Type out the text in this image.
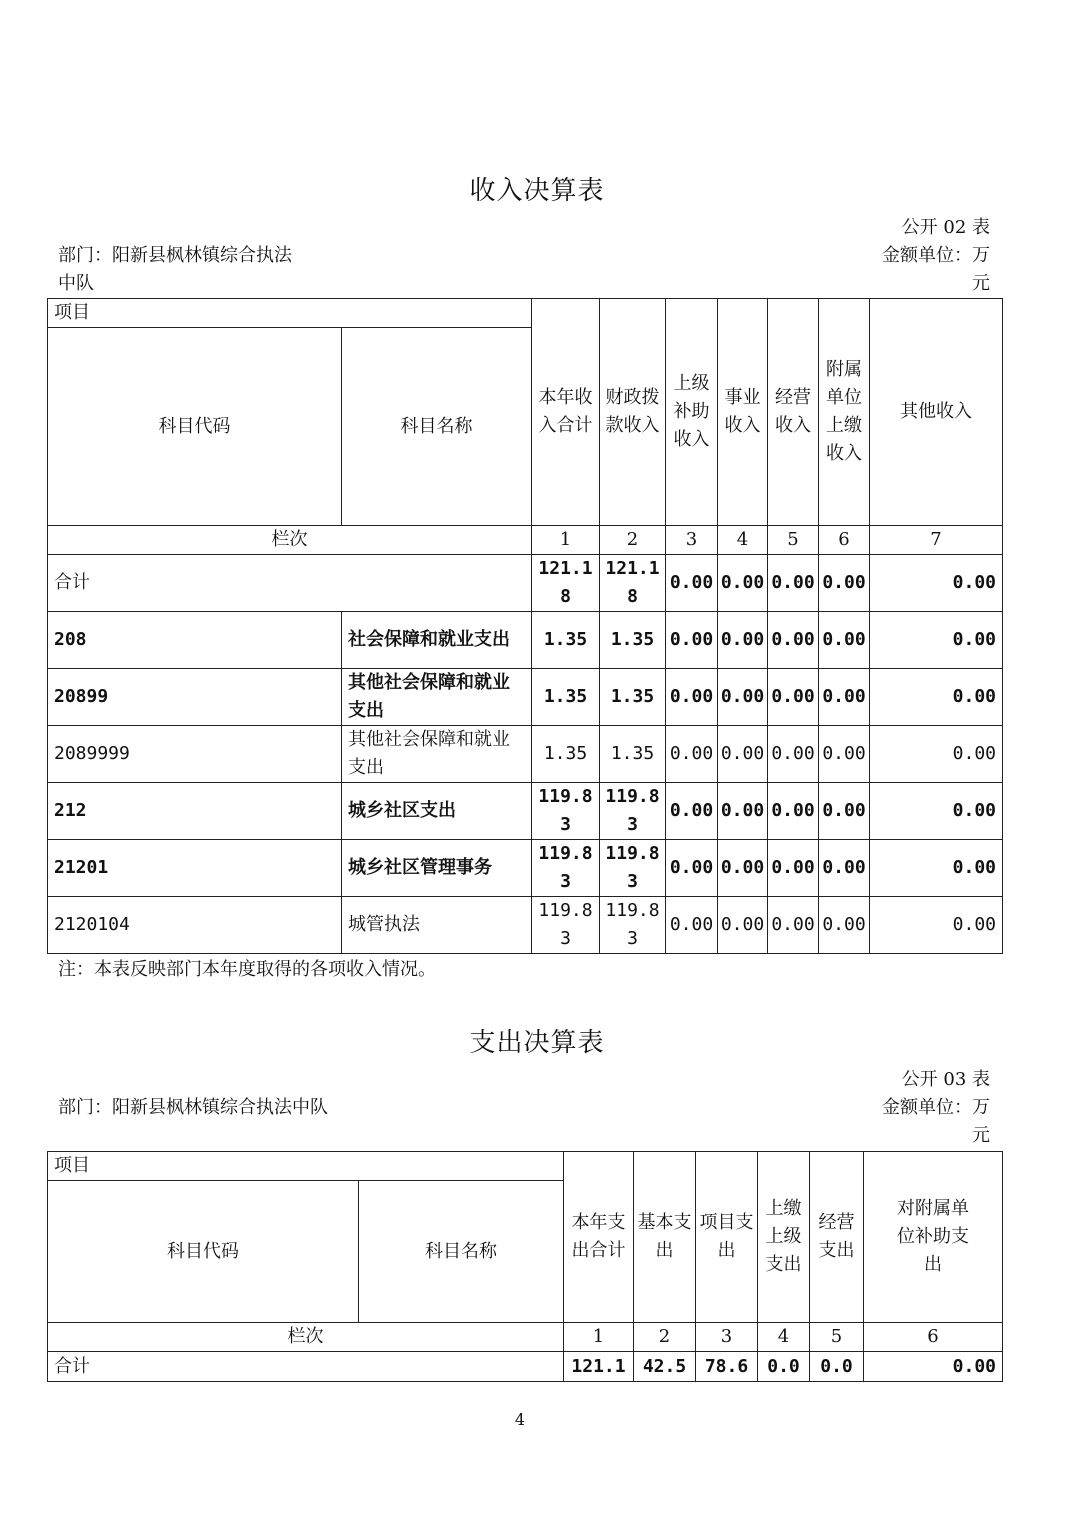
收入决算表
公开 02 表
部门：阳新县枫林镇综合执法中队
金额单位：万元
项目		本年收入合计	财政拨款收入	上级补助收入	事业收入	经营收入	附属单位上缴收入	其他收入
科目代码	科目名称							
栏次		1	2	3	4	5	6	7
合计		121.18	121.18	0.00	0.00	0.00	0.00	0.00
208	社会保障和就业支出	1.35	1.35	0.00	0.00	0.00	0.00	0.00
20899	其他社会保障和就业支出	1.35	1.35	0.00	0.00	0.00	0.00	0.00
2089999	其他社会保障和就业支出	1.35	1.35	0.00	0.00	0.00	0.00	0.00
212	城乡社区支出	119.83	119.83	0.00	0.00	0.00	0.00	0.00
21201	城乡社区管理事务	119.83	119.83	0.00	0.00	0.00	0.00	0.00
2120104	城管执法	119.83	119.83	0.00	0.00	0.00	0.00	0.00
注：本表反映部门本年度取得的各项收入情况。
支出决算表
公开 03 表
部门：阳新县枫林镇综合执法中队	金额单位：万元
项目		本年支出合计	基本支出	项目支出	上缴上级支出	经营支出	对附属单位补助支出
科目代码	科目名称						
栏次		1	2	3	4	5	6
合计		121.1	42.5	78.6	0.0	0.0	0.00
4
